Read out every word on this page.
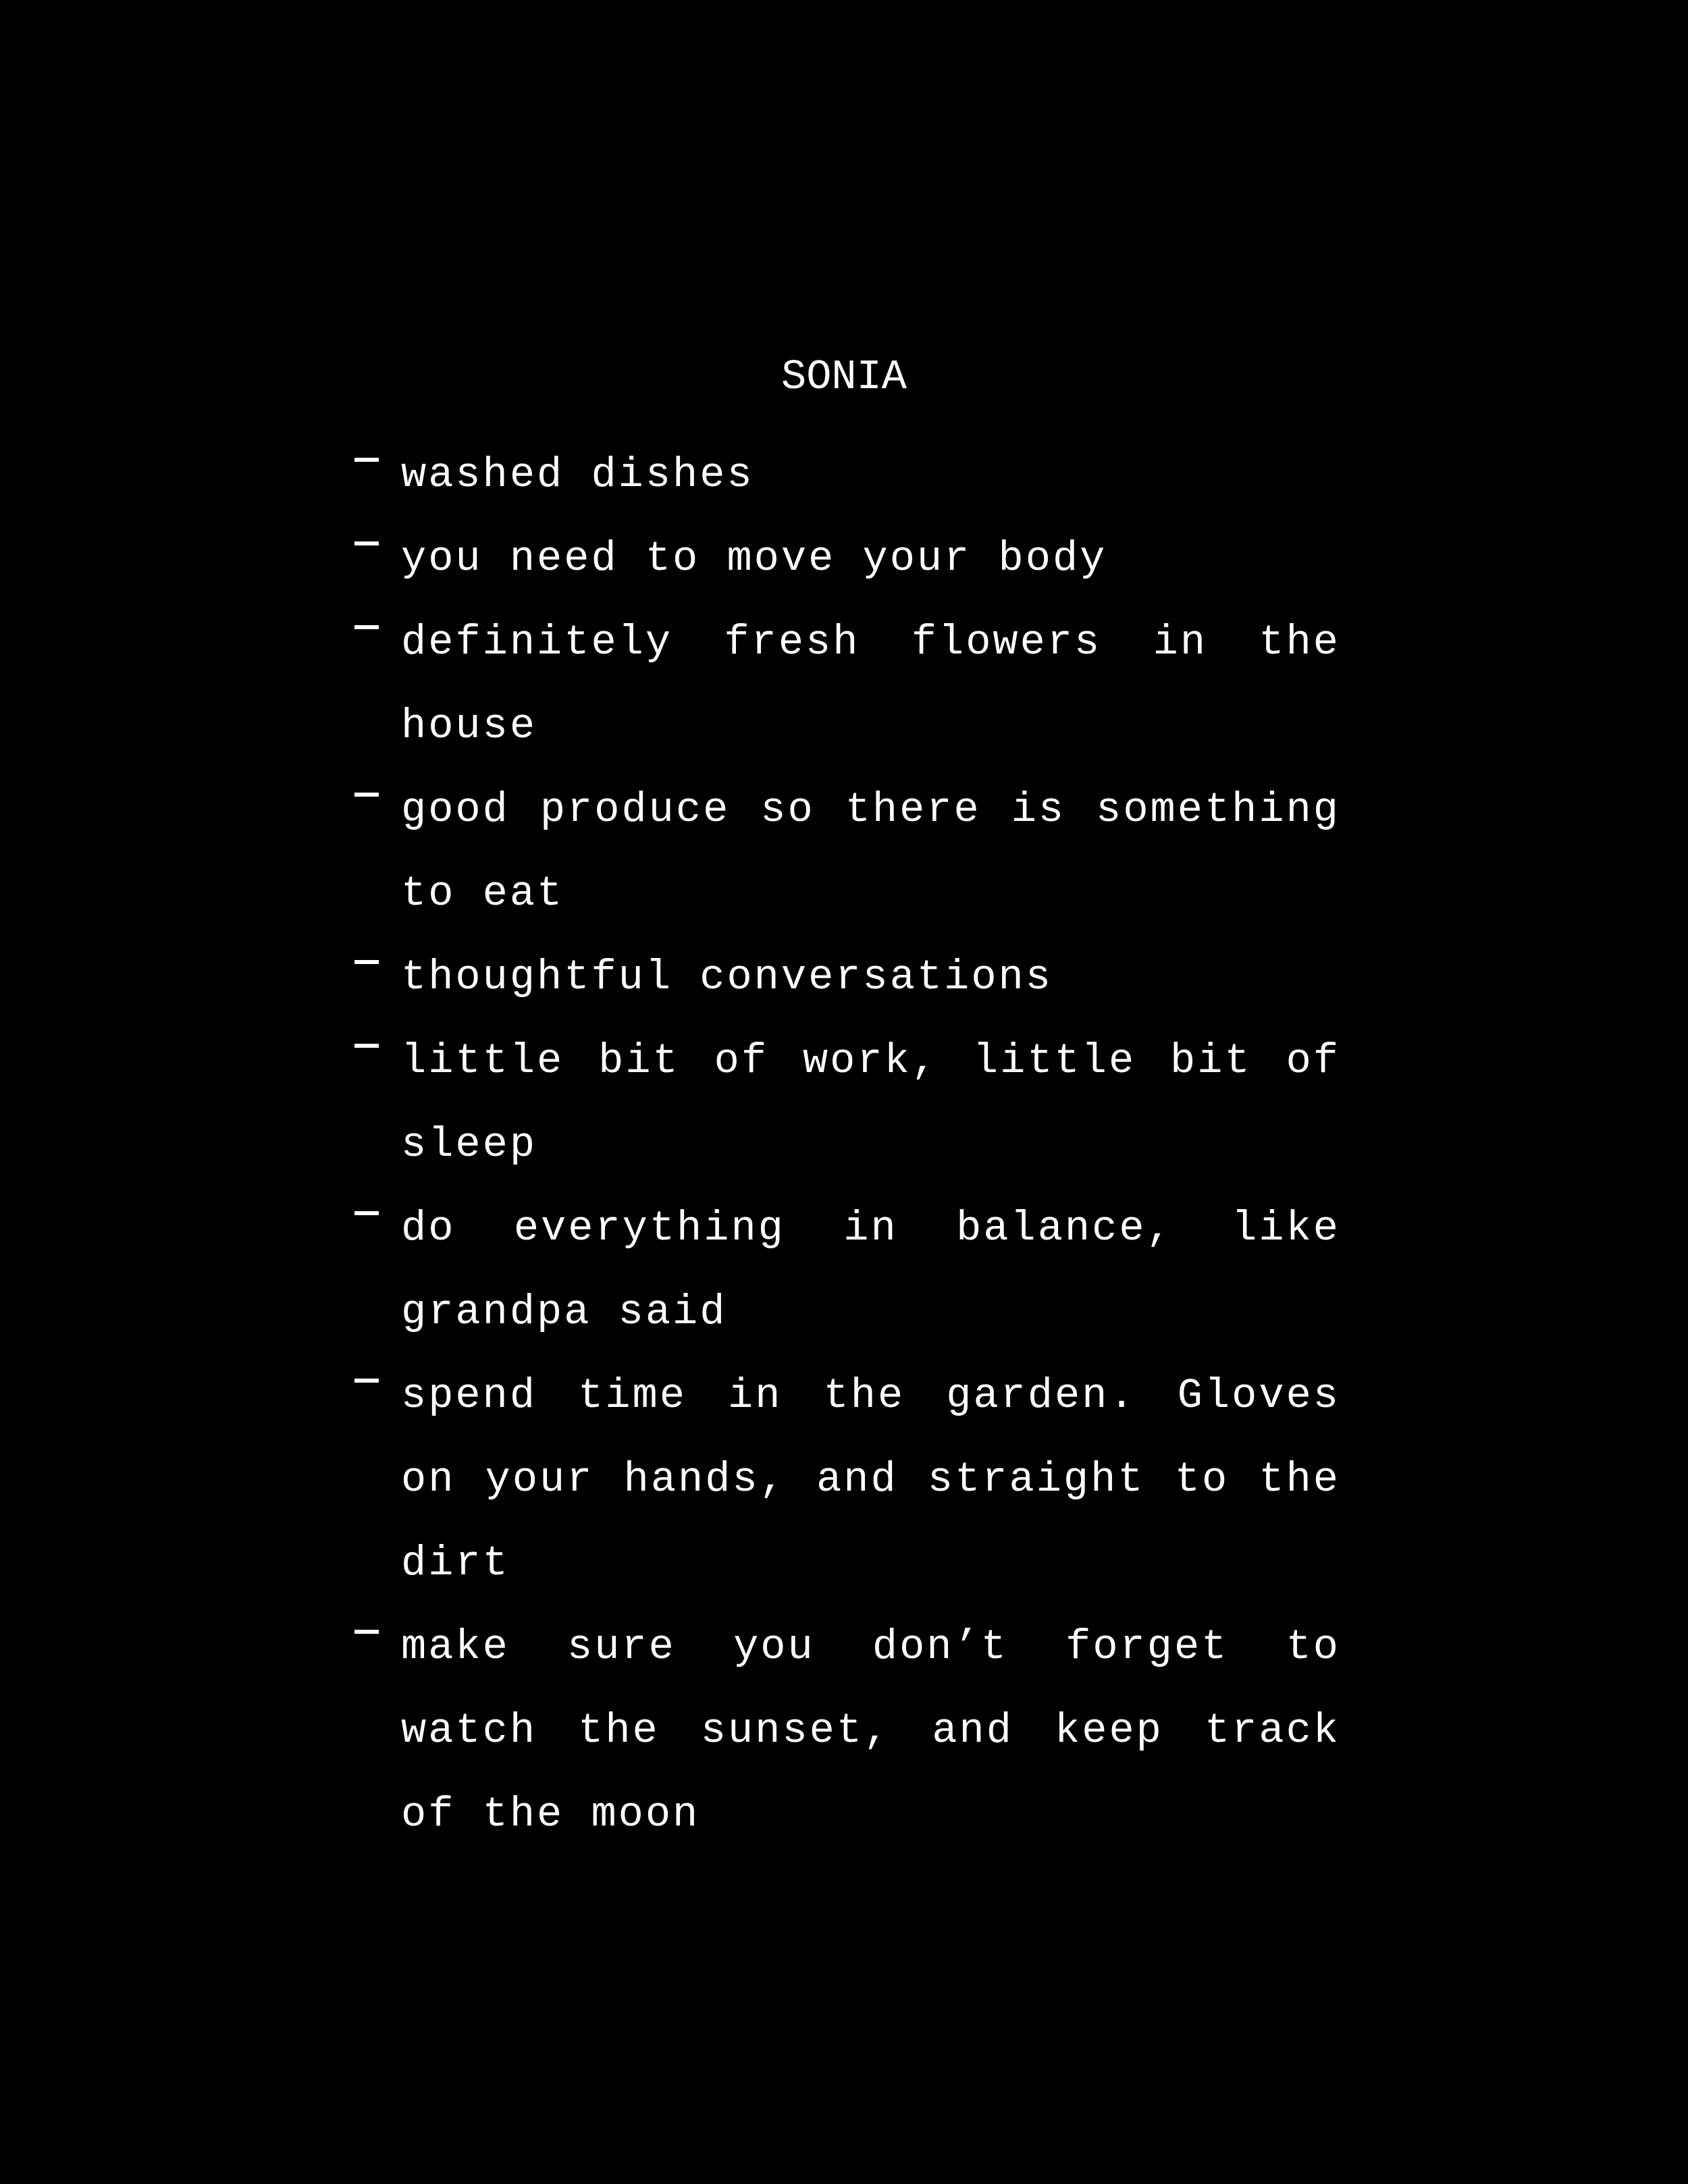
SONIA
washed dishes
you need to move your body
definitely fresh flowers in the house
good produce so there is something to eat
thoughtful conversations
little bit of work, little bit of sleep
do everything in balance, like grandpa said
spend time in the garden. Gloves on your hands, and straight to the dirt
make sure you don’t forget to watch the sunset, and keep track of the moon
